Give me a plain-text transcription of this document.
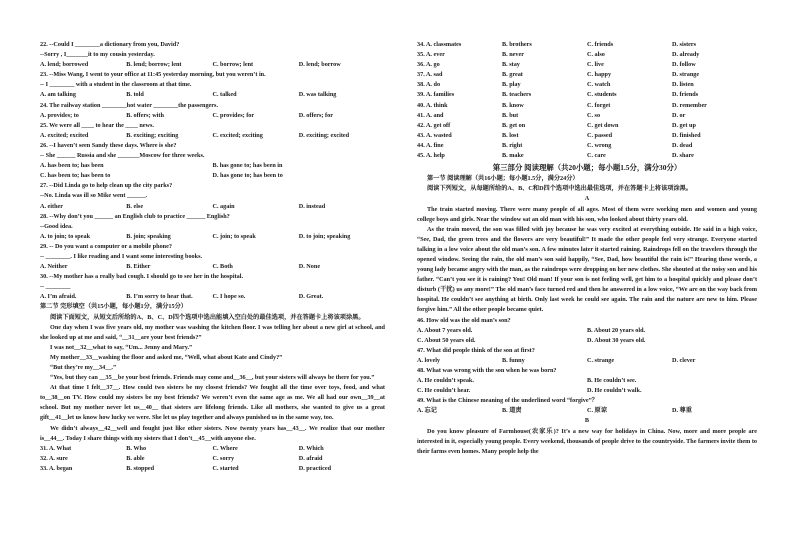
22. --Could I ________a dictionary from you, David?
--Sorry , I_______it to my cousin yesterday.
A. lend; borrowed	B. lend; borrow; lent	C. borrow; lent	D. lend; borrow
23. --Miss Wang, I went to your office at 11:45 yesterday morning, but you weren’t in.
-- I ________ with a student in the classroom at that time.
A. am talking	B. told	C. talked	D. was talking
24. The railway station ________hot water ________the passengers.
A. provides; to	B. offers; with	C. provides; for	D. offers; for
25. We were all ____ to hear the ____ news.
A. excited; excited	B. exciting; exciting	C. excited; exciting	D. exciting; excited
26. --I haven’t seen Sandy these days. Where is she?
-- She ______ Russia and she _______Moscow for three weeks.
A. has been to; has been	B. has gone to; has been in
C. has been to; has been to	D. has gone to; has been to
27. --Did Linda go to help clean up the city parks?
--No. Linda was ill so Mike went ______.
A. either	B. else	C. again	D. instead
28. --Why don’t you ______ an English club to practice ______ English?
--Good idea.
A. to join; to speak	B. join; speaking	C. join; to speak	D. to join; speaking
29. -- Do you want a computer or a mobile phone?
-- ________. I like reading and I want some interesting books.
A. Neither	B. Either	C. Both	D. None
30. --My mother has a really bad cough. I should go to see her in the hospital.
-- ________
A. I’m afraid.	B. I’m sorry to hear that.	C. I hope so.	D. Great.
第二节 完形填空（共15小题，每小题1分，满分15分）
阅读下面短文，从短文后所给的A、B、C、D四个选项中选出能填入空白处的最佳选项，并在答题卡上将该项涂黑。
One day when I was five years old, my mother was washing the kitchen floor. I was telling her about a new girl at school, and she looked up at me and said, “__31__are your best friends?”
I was not__32__what to say, “Um... Jenny and Mary.”
My mother__33__washing the floor and asked me, “Well, what about Kate and Cindy?”
“But they’re my__34__.”
“Yes, but they can __35__be your best friends. Friends may come and__36__, but your sisters will always be there for you.”
At that time I felt__37__. How could two sisters be my closest friends? We fought all the time over toys, food, and what to__38__on TV. How could my sisters be my best friends? We weren’t even the same age as me. We all had our own__39__at school. But my mother never let us__40__ that sisters are lifelong friends. Like all mothers, she wanted to give us a great gift__41__let us know how lucky we were. She let us play together and always punished us in the same way, too.
We didn’t always__42__well and fought just like other sisters. Now twenty years has__43__. We realize that our mother is__44__. Today I share things with my sisters that I don’t__45__with anyone else.
31. A. What	B. Who	C. Where	D. Which
32. A. sure	B. able	C. sorry	D. afraid
33. A. began	B. stopped	C. started	D. practiced
34. A. classmates	B. brothers	C. friends	D. sisters
35. A. ever	B. never	C. also	D. already
36. A. go	B. stay	C. live	D. follow
37. A. sad	B. great	C. happy	D. strange
38. A. do	B. play	C. watch	D. listen
39. A. families	B. teachers	C. students	D. friends
40. A. think	B. know	C. forget	D. remember
41. A. and	B. but	C. so	D. or
42. A. get off	B. get on	C. get down	D. get up
43. A. wasted	B. lost	C. passed	D. finished
44. A. fine	B. right	C. wrong	D. dead
45. A. help	B. make	C. care	D. share
第三部分 阅读理解（共20小题；每小题1.5分，满分30分）
第一节 阅读理解（共16小题；每小题1.5分，满分24分）
阅读下列短文，从每题所给的A、B、C和D四个选项中选出最佳选项，并在答题卡上将该项涂黑。
A
The train started moving. There were many people of all ages. Most of them were working men and women and young college boys and girls. Near the window sat an old man with his son, who looked about thirty years old.
As the train moved, the son was filled with joy because he was very excited at everything outside. He said in a high voice, “See, Dad, the green trees and the flowers are very beautiful!” It made the other people feel very strange. Everyone started talking in a low voice about the old man’s son. A few minutes later it started raining. Raindrops fell on the travelers through the opened window. Seeing the rain, the old man’s son said happily, “See, Dad, how beautiful the rain is!” Hearing these words, a young lady became angry with the man, as the raindrops were dropping on her new clothes. She shouted at the noisy son and his father. “Can’t you see it is raining? You! Old man! If your son is not feeling well, get him to a hospital quickly and please don’t disturb (干扰) us any more!” The old man’s face turned red and then he answered in a low voice, “We are on the way back from hospital. He couldn’t see anything at birth. Only last week he could see again. The rain and the nature are new to him. Please forgive him.” All the other people became quiet.
46. How old was the old man’s son?
A. About 7 years old.	B. About 20 years old.
C. About 50 years old.	D. About 30 years old.
47. What did people think of the son at first?
A. lovely	B. funny	C. strange	D. clever
48. What was wrong with the son when he was born?
A. He couldn’t speak.	B. He couldn’t see.
C. He couldn’t hear.	D. He couldn’t walk.
49. What is the Chinese meaning of the underlined word “forgive”？
A. 忘记	B. 道责	C. 原谅	D. 尊重
B
Do you know pleasure of Farmhouse(农家乐)? It’s a new way for holidays in China. Now, more and more people are interested in it, especially young people. Every weekend, thousands of people drive to the countryside. The farmers invite them to their farms even homes. Many people help the
